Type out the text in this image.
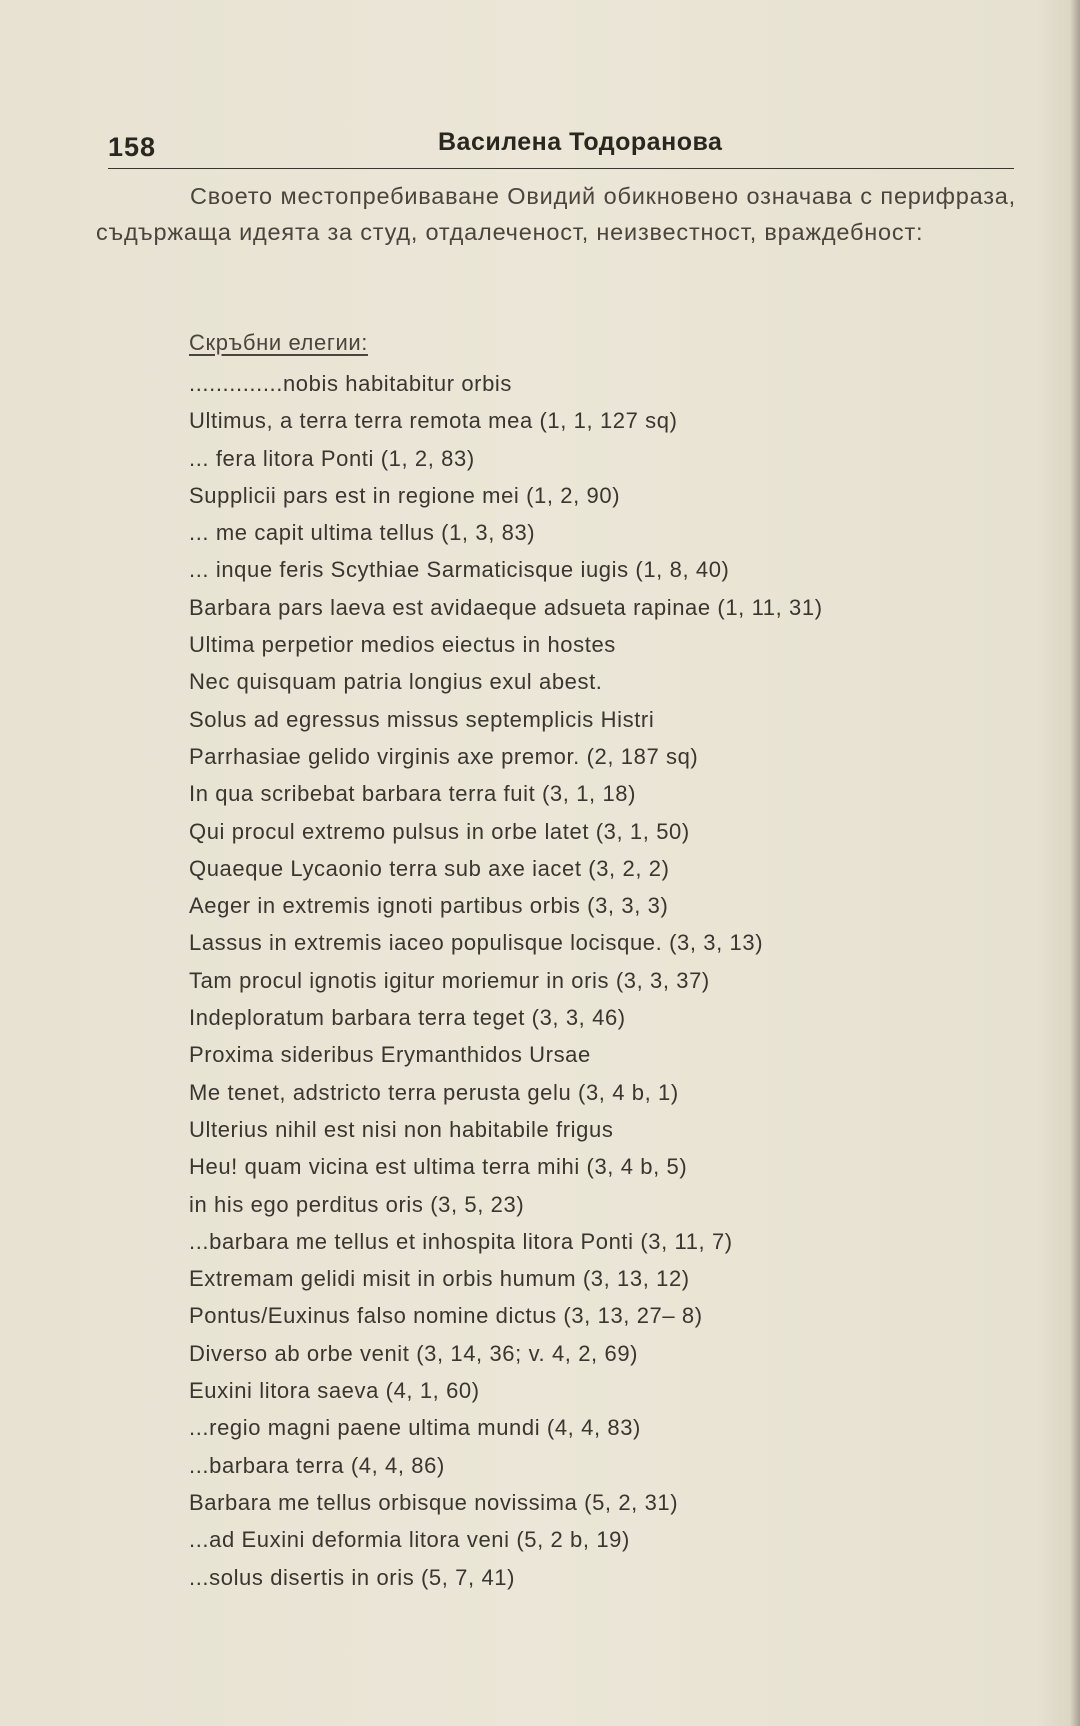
158	Василена Тодоранова

Своето местопребиваване Овидий обикновено означава с перифраза, съдържаща идеята за студ, отдалеченост, неизвестност, враждебност:

Скръбни елегии:
..............nobis habitabitur orbis
Ultimus, a terra terra remota mea (1, 1, 127 sq)
... fera litora Ponti (1, 2, 83)
Supplicii pars est in regione mei (1, 2, 90)
... me capit ultima tellus (1, 3, 83)
... inque feris Scythiae Sarmaticisque iugis (1, 8, 40)
Barbara pars laeva est avidaeque adsueta rapinae (1, 11, 31)
Ultima perpetior medios eiectus in hostes
Nec quisquam patria longius exul abest.
Solus ad egressus missus septemplicis Histri
Parrhasiae gelido virginis axe premor. (2, 187 sq)
In qua scribebat barbara terra fuit (3, 1, 18)
Qui procul extremo pulsus in orbe latet (3, 1, 50)
Quaeque Lycaonio terra sub axe iacet (3, 2, 2)
Aeger in extremis ignoti partibus orbis (3, 3, 3)
Lassus in extremis iaceo populisque locisque. (3, 3, 13)
Tam procul ignotis igitur moriemur in oris (3, 3, 37)
Indeploratum barbara terra teget (3, 3, 46)
Proxima sideribus Erymanthidos Ursae
Me tenet, adstricto terra perusta gelu (3, 4 b, 1)
Ulterius nihil est nisi non habitabile frigus
Heu! quam vicina est ultima terra mihi (3, 4 b, 5)
in his ego perditus oris (3, 5, 23)
...barbara me tellus et inhospita litora Ponti (3, 11, 7)
Extremam gelidi misit in orbis humum (3, 13, 12)
Pontus/Euxinus falso nomine dictus (3, 13, 27– 8)
Diverso ab orbe venit (3, 14, 36; v. 4, 2, 69)
Euxini litora saeva (4, 1, 60)
...regio magni paene ultima mundi (4, 4, 83)
...barbara terra (4, 4, 86)
Barbara me tellus orbisque novissima (5, 2, 31)
...ad Euxini deformia litora veni (5, 2 b, 19)
...solus disertis in oris (5, 7, 41)
